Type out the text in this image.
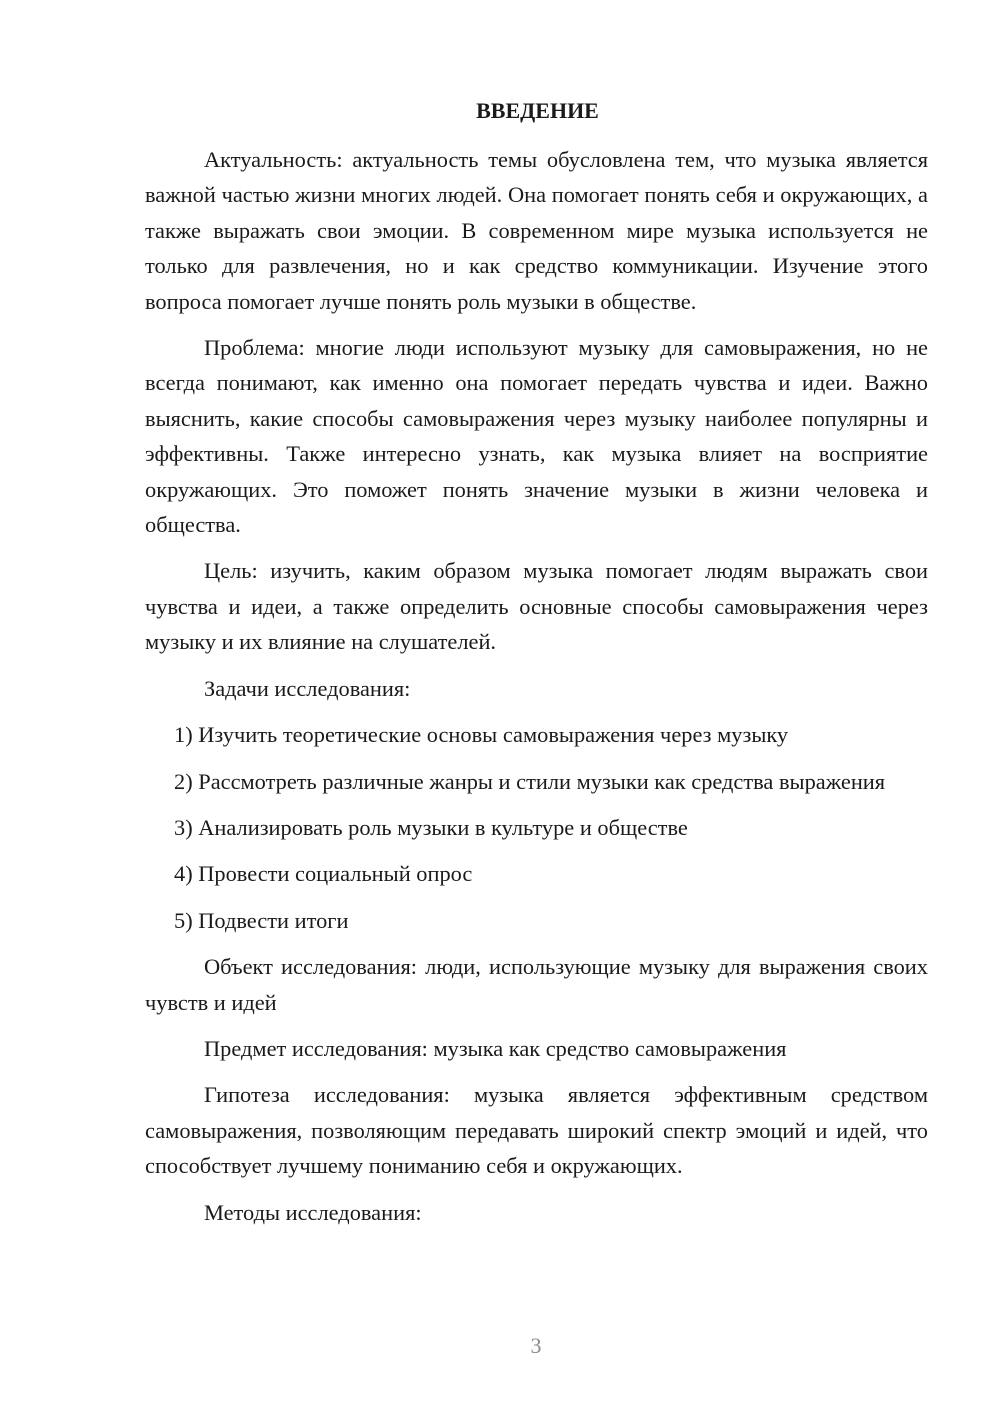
ВВЕДЕНИЕ

Актуальность: актуальность темы обусловлена тем, что музыка является важной частью жизни многих людей. Она помогает понять себя и окружающих, а также выражать свои эмоции. В современном мире музыка используется не только для развлечения, но и как средство коммуникации. Изучение этого вопроса помогает лучше понять роль музыки в обществе.

Проблема: многие люди используют музыку для самовыражения, но не всегда понимают, как именно она помогает передать чувства и идеи. Важно выяснить, какие способы самовыражения через музыку наиболее популярны и эффективны. Также интересно узнать, как музыка влияет на восприятие окружающих. Это поможет понять значение музыки в жизни человека и общества.

Цель: изучить, каким образом музыка помогает людям выражать свои чувства и идеи, а также определить основные способы самовыражения через музыку и их влияние на слушателей.

Задачи исследования:

1) Изучить теоретические основы самовыражения через музыку

2) Рассмотреть различные жанры и стили музыки как средства выражения

3) Анализировать роль музыки в культуре и обществе

4) Провести социальный опрос

5) Подвести итоги

Объект исследования: люди, использующие музыку для выражения своих чувств и идей

Предмет исследования: музыка как средство самовыражения

Гипотеза исследования: музыка является эффективным средством самовыражения, позволяющим передавать широкий спектр эмоций и идей, что способствует лучшему пониманию себя и окружающих.

Методы исследования:

3
